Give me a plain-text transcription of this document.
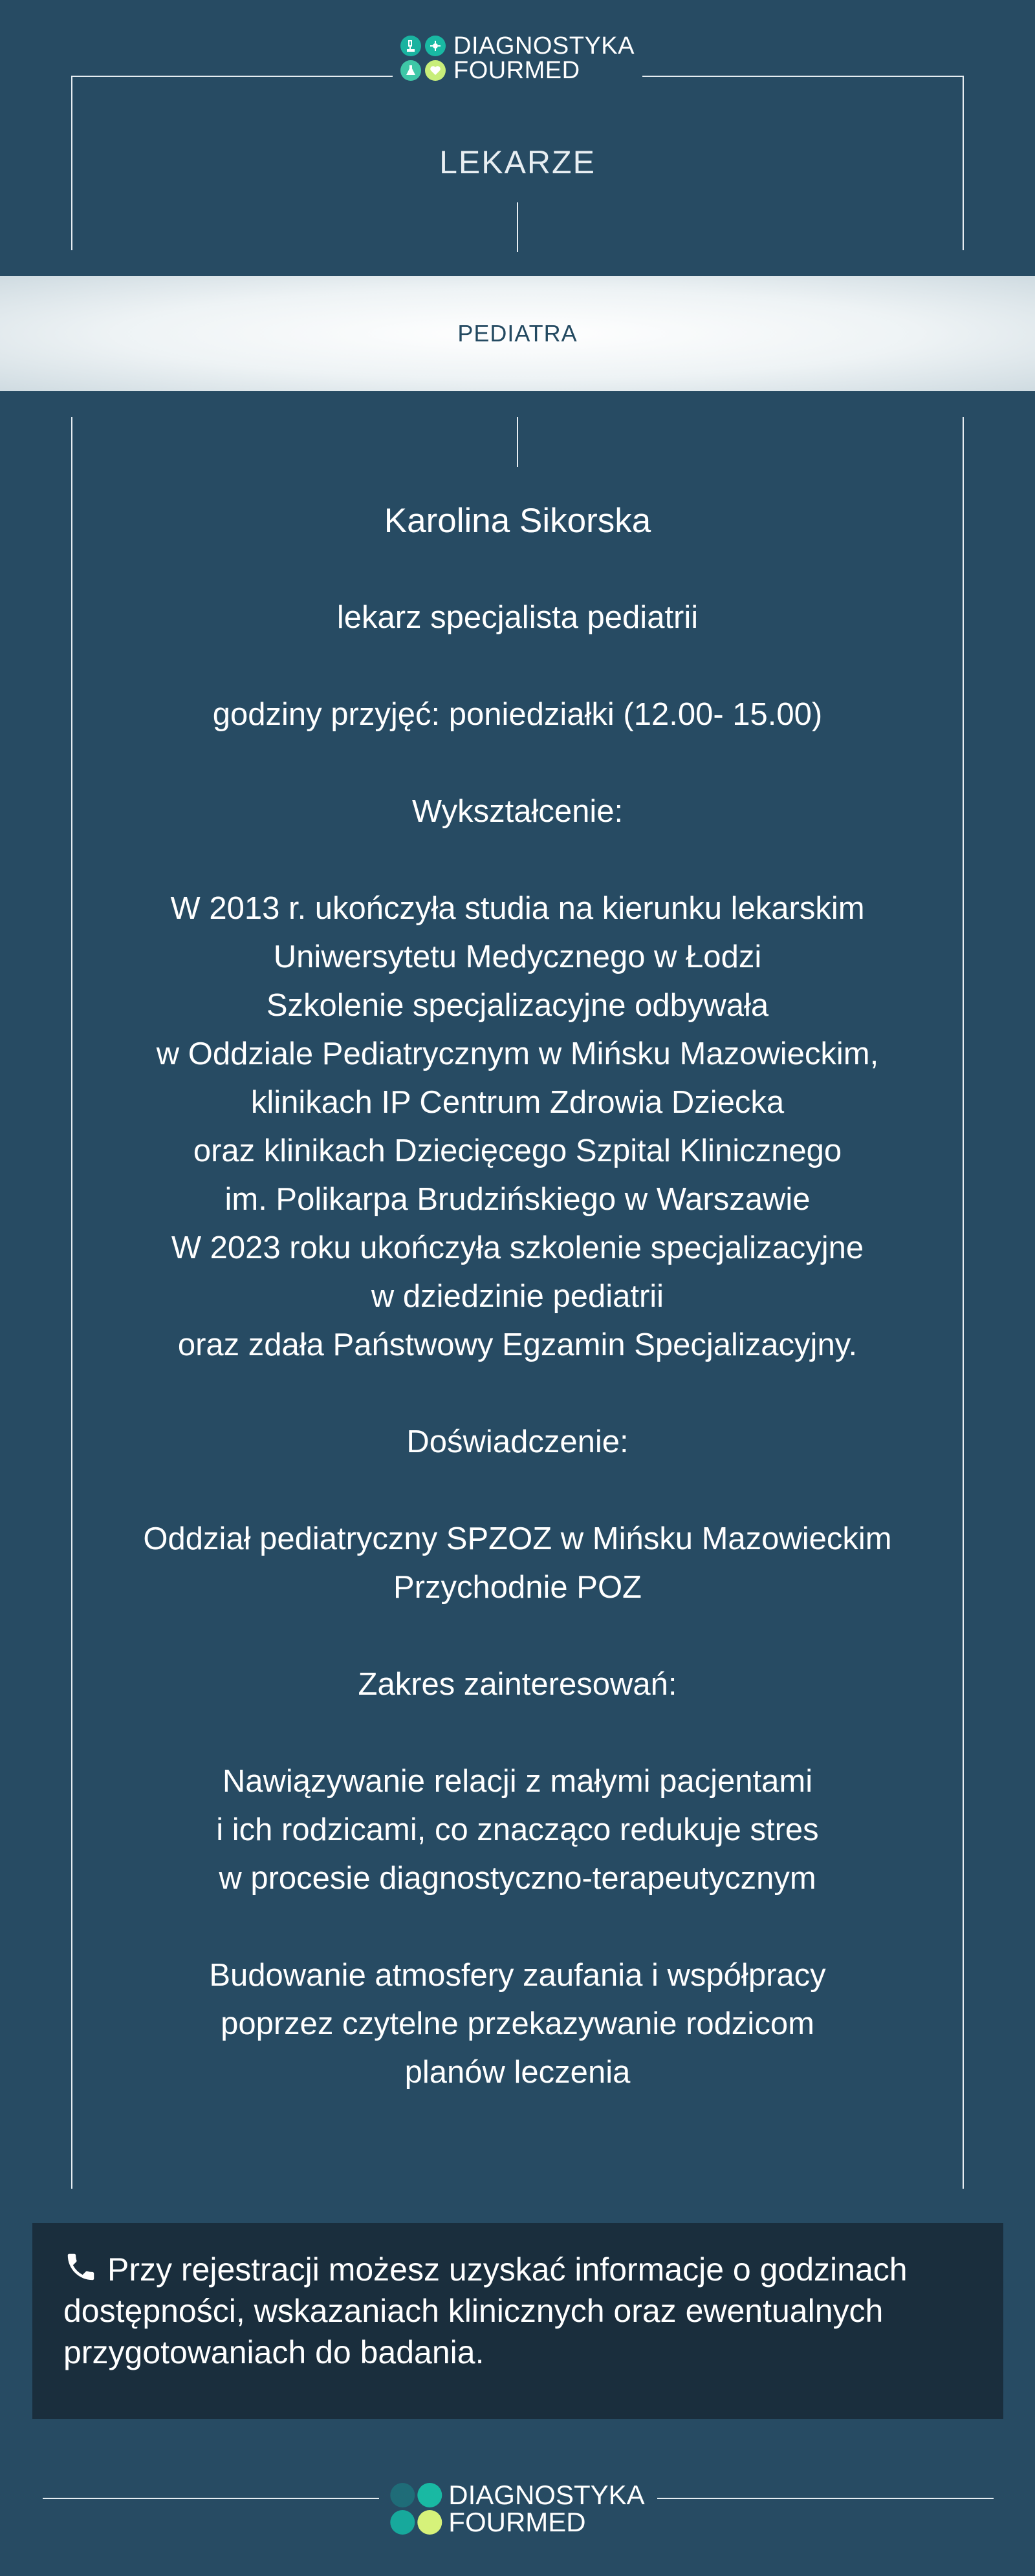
DIAGNOSTYKA
FOURMED
LEKARZE
PEDIATRA

Karolina Sikorska

lekarz specjalista pediatrii

godziny przyjęć: poniedziałki (12.00- 15.00)

Wykształcenie:

W 2013 r. ukończyła studia na kierunku lekarskim

Uniwersytetu Medycznego w Łodzi

Szkolenie specjalizacyjne odbywała

w Oddziale Pediatrycznym w Mińsku Mazowieckim,

klinikach IP Centrum Zdrowia Dziecka

oraz klinikach Dziecięcego Szpital Klinicznego

im. Polikarpa Brudzińskiego w Warszawie

W 2023 roku ukończyła szkolenie specjalizacyjne

w dziedzinie pediatrii

oraz zdała Państwowy Egzamin Specjalizacyjny.

Doświadczenie:

Oddział pediatryczny SPZOZ w Mińsku Mazowieckim

Przychodnie POZ

Zakres zainteresowań:

Nawiązywanie relacji z małymi pacjentami

i ich rodzicami, co znacząco redukuje stres

w procesie diagnostyczno-terapeutycznym

Budowanie atmosfery zaufania i współpracy

poprzez czytelne przekazywanie rodzicom

planów leczenia

Przy rejestracji możesz uzyskać informacje o godzinach dostępności, wskazaniach klinicznych oraz ewentualnych przygotowaniach do badania.
DIAGNOSTYKA
FOURMED
